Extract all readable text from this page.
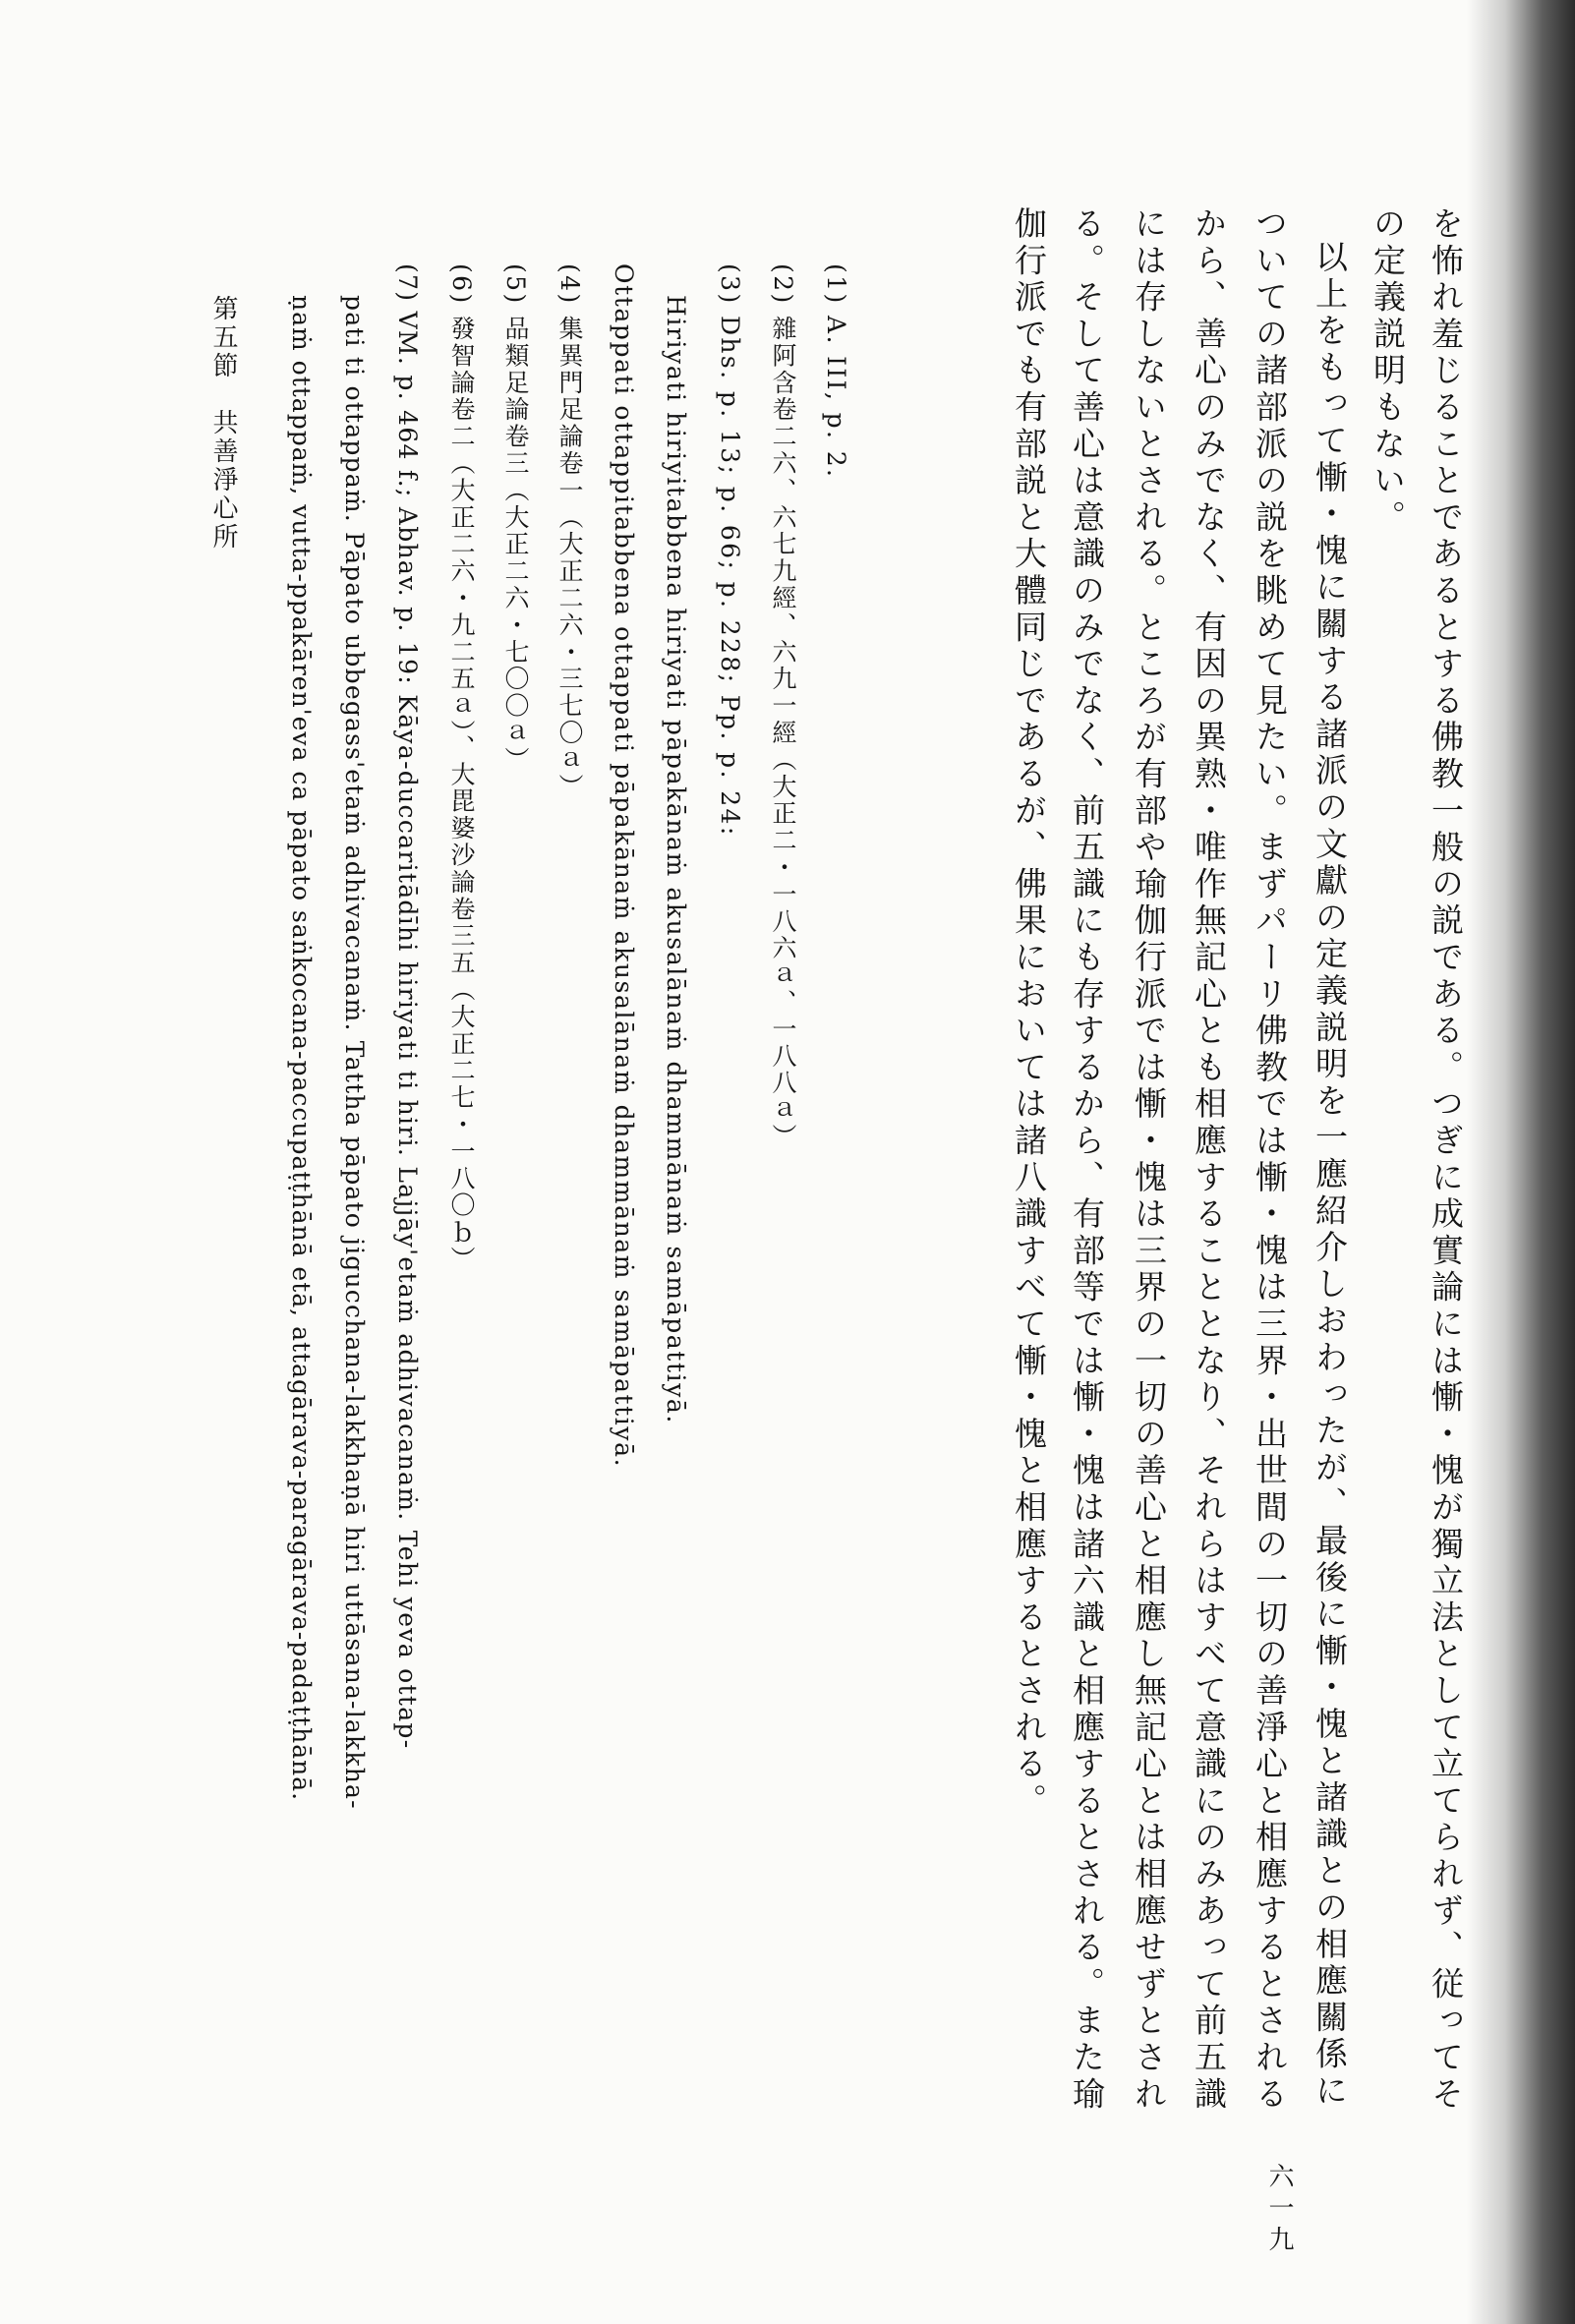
を怖れ羞じることであるとする佛教一般の説である。つぎに成實論には慚・愧が獨立法として立てられず、従ってそ
の定義説明もない。
以上をもって慚・愧に關する諸派の文獻の定義説明を一應紹介しおわったが、最後に慚・愧と諸識との相應關係に
ついての諸部派の説を眺めて見たい。まずパーリ佛教では慚・愧は三界・出世間の一切の善淨心と相應するとされる
から、善心のみでなく、有因の異熟・唯作無記心とも相應することとなり、それらはすべて意識にのみあって前五識
には存しないとされる。ところが有部や瑜伽行派では慚・愧は三界の一切の善心と相應し無記心とは相應せずとされ
る。そして善心は意識のみでなく、前五識にも存するから、有部等では慚・愧は諸六識と相應するとされる。また瑜
伽行派でも有部説と大體同じであるが、佛果においては諸八識すべて慚・愧と相應するとされる。
(1) A. III, p. 2.
(2) 雜阿含卷二六、六七九經、六九一經（大正二・一八六ａ、一八八ａ）
(3) Dhs. p. 13; p. 66; p. 228; Pp. p. 24:
Hiriyati hiriyitabbena hiriyati pāpakānaṁ akusalānaṁ dhammānaṁ samāpattiyā.
Ottappati ottappitabbena ottappati pāpakānaṁ akusalānaṁ dhammānaṁ samāpattiyā.
(4) 集異門足論卷一（大正二六・三七〇ａ）
(5) 品類足論卷三（大正二六・七〇〇ａ）
(6) 發智論卷二（大正二六・九二五ａ）、大毘婆沙論卷三五（大正二七・一八〇ｂ）
(7) VM. p. 464 f.; Abhav. p. 19: Kāya-duccaritādīhi hiriyati ti hiri. Lajjāy'etaṁ adhivacanaṁ. Tehi yeva ottap-
pati ti ottappaṁ. Pāpato ubbegass'etaṁ adhivacanaṁ. Tattha pāpato jigucchana-lakkhaṇā hiri uttāsana-lakkha-
ṇaṁ ottappaṁ, vutta-ppakāren'eva ca pāpato saṅkocana-paccupaṭṭhānā etā, attagārava-paragārava-padaṭṭhānā.
第五節　共善淨心所
六一九
